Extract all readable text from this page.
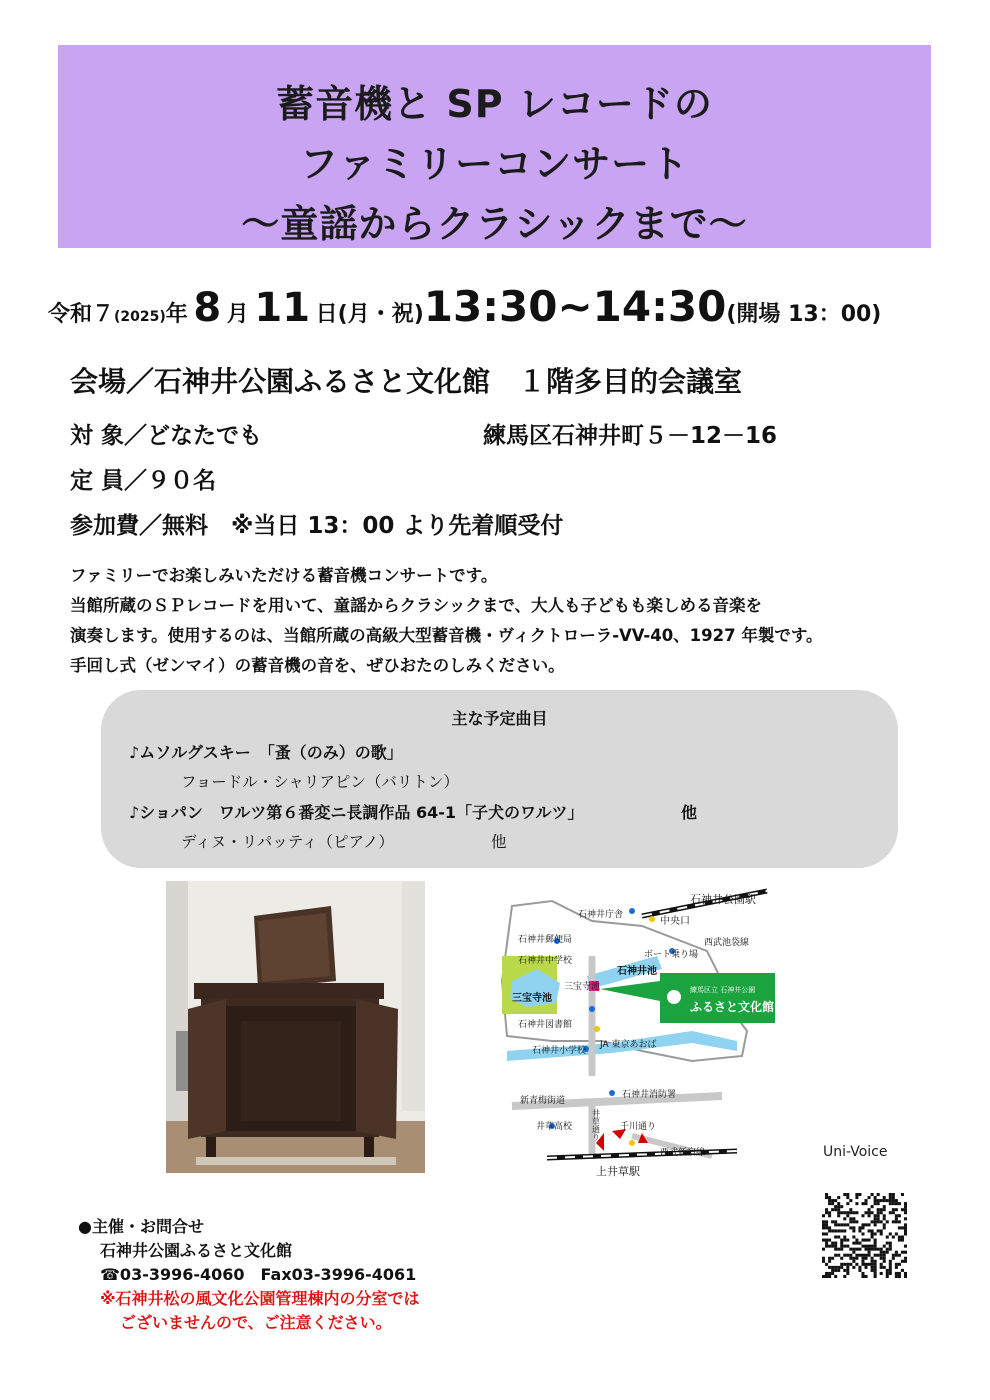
蓄音機と SP レコードの
ファミリーコンサート
～童謡からクラシックまで～
令和７(2025)年 8 月 11 日(月・祝)13:30~14:30(開場 13：00)
会場／石神井公園ふるさと文化館　１階多目的会議室
対 象／どなたでも	練馬区石神井町５－12－16
定 員／９０名
参加費／無料　※当日 13：00 より先着順受付
ファミリーでお楽しみいただける蓄音機コンサートです。
当館所蔵のＳＰレコードを用いて、童謡からクラシックまで、大人も子どもも楽しめる音楽を
演奏します。使用するのは、当館所蔵の高級大型蓄音機・ヴィクトローラ-VV-40、1927 年製です。
手回し式（ゼンマイ）の蓄音機の音を、ぜひおたのしみください。
主な予定曲目
♪ムソルグスキー　「蚤（のみ）の歌」
フョードル・シャリアピン（バリトン）
♪ショパン　ワルツ第６番変ニ長調作品 64-1「子犬のワルツ」	他
ディヌ・リパッティ（ピアノ）	他
石神井公園駅
石神井庁舎
中央口
石神井郵便局	西武池袋線
石神井中学校
ボート乗り場
石神井池
三宝寺池
三宝寺池
練馬区立 石神井公園
ふるさと文化館
石神井図書館
JA 東京あおば
石神井小学校
石神井消防署
新青梅街道
井草高校 井草通り 千川通り
西武新宿線
上井草駅
Uni-Voice
●主催・お問合せ
石神井公園ふるさと文化館
☎03-3996-4060　Fax03-3996-4061
※石神井松の風文化公園管理棟内の分室では
ございませんので、ご注意ください。
